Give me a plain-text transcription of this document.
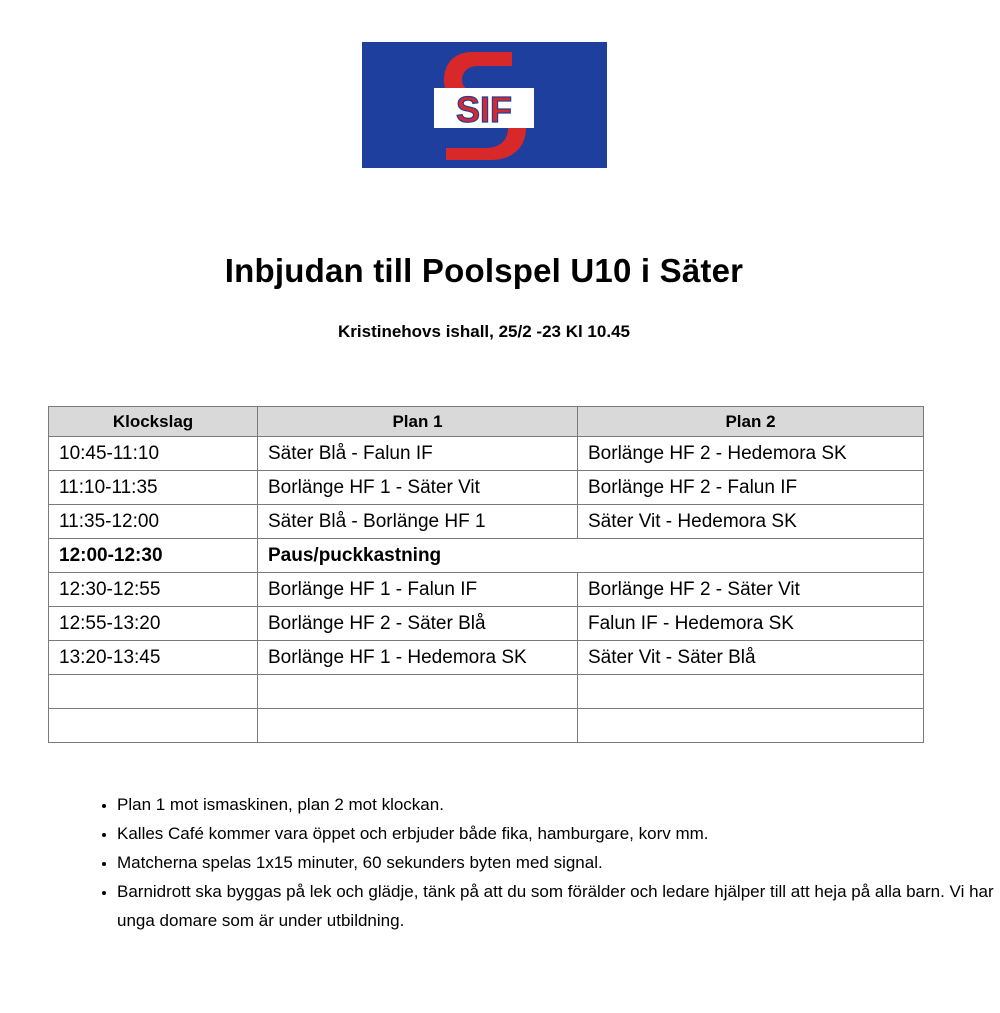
SIF
Inbjudan till Poolspel U10 i Säter
Kristinehovs ishall, 25/2 -23 Kl 10.45
Klockslag	Plan 1	Plan 2
10:45-11:10	Säter Blå - Falun IF	Borlänge HF 2 - Hedemora SK
11:10-11:35	Borlänge HF 1 - Säter Vit	Borlänge HF 2 - Falun IF
11:35-12:00	Säter Blå - Borlänge HF 1	Säter Vit - Hedemora SK
12:00-12:30	Paus/puckkastning	
12:30-12:55	Borlänge HF 1 - Falun IF	Borlänge HF 2 - Säter Vit
12:55-13:20	Borlänge HF 2 - Säter Blå	Falun IF - Hedemora SK
13:20-13:45	Borlänge HF 1 - Hedemora SK	Säter Vit - Säter Blå

• Plan 1 mot ismaskinen, plan 2 mot klockan.
• Kalles Café kommer vara öppet och erbjuder både fika, hamburgare, korv mm.
• Matcherna spelas 1x15 minuter, 60 sekunders byten med signal.
• Barnidrott ska byggas på lek och glädje, tänk på att du som förälder och ledare hjälper till att heja på alla barn. Vi har unga domare som är under utbildning.
